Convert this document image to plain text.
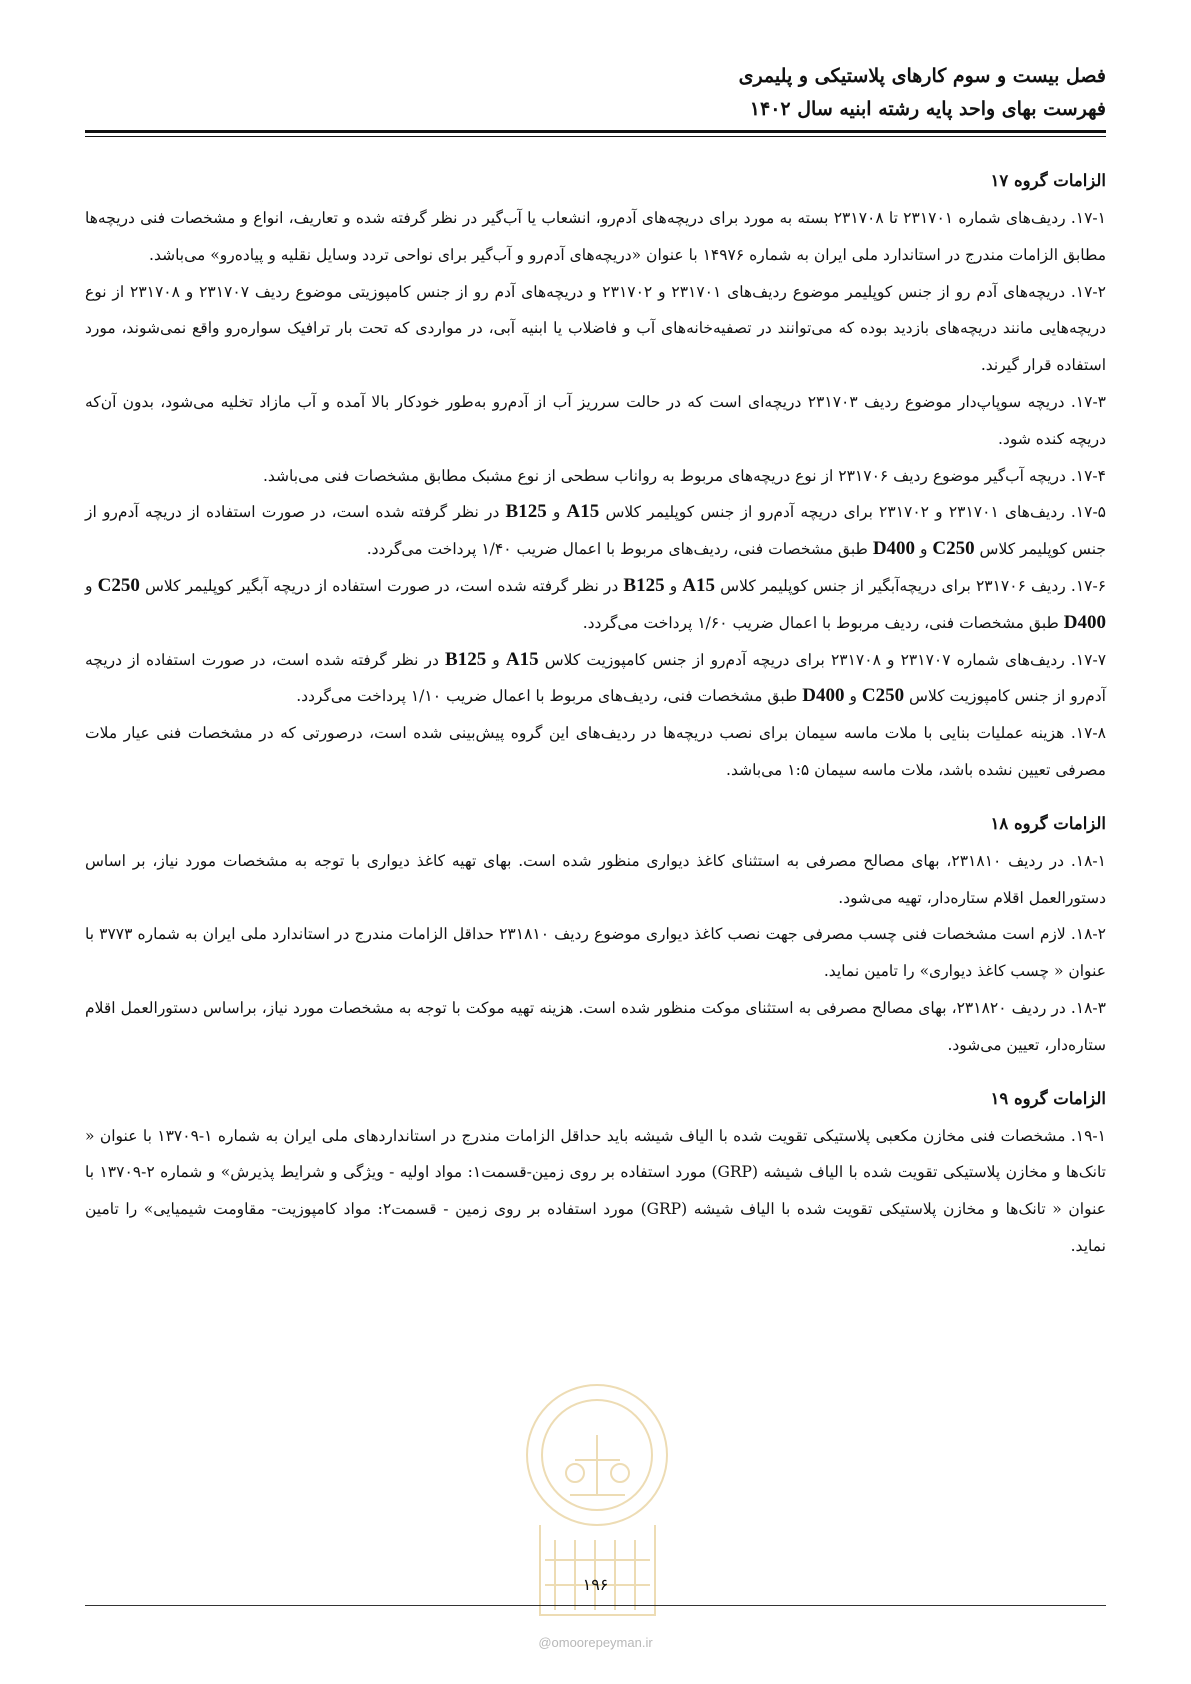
فصل بیست و سوم کارهای پلاستیکی و پلیمری
فهرست بهای واحد پایه رشته ابنیه سال ۱۴۰۲
الزامات گروه ۱۷

۱۷-۱. ردیف‌های شماره ۲۳۱۷۰۱ تا ۲۳۱۷۰۸ بسته به مورد برای دریچه‌های آدم‌رو، انشعاب یا آب‌گیر در نظر گرفته شده و تعاریف، انواع و مشخصات فنی دریچه‌ها مطابق الزامات مندرج در استاندارد ملی ایران به شماره ۱۴۹۷۶ با عنوان «دریچه‌های آدم‌رو و آب‌گیر برای نواحی تردد وسایل نقلیه و پیاده‌رو» می‌باشد.

۱۷-۲. دریچه‌های آدم رو از جنس کوپلیمر موضوع ردیف‌های ۲۳۱۷۰۱ و ۲۳۱۷۰۲ و دریچه‌های آدم رو از جنس کامپوزیتی موضوع ردیف ۲۳۱۷۰۷ و ۲۳۱۷۰۸ از نوع دریچه‌هایی مانند دریچه‌های بازدید بوده که می‌توانند در تصفیه‌خانه‌های آب و فاضلاب یا ابنیه آبی، در مواردی که تحت بار ترافیک سواره‌رو واقع نمی‌شوند، مورد استفاده قرار گیرند.

۱۷-۳. دریچه سوپاپ‌دار موضوع ردیف ۲۳۱۷۰۳ دریچه‌ای است که در حالت سرریز آب از آدم‌رو به‌طور خودکار بالا آمده و آب مازاد تخلیه می‌شود، بدون آن‌که دریچه کنده شود.

۱۷-۴. دریچه آب‌گیر موضوع ردیف ۲۳۱۷۰۶ از نوع دریچه‌های مربوط به رواناب سطحی از نوع مشبک مطابق مشخصات فنی می‌باشد.

۱۷-۵. ردیف‌های ۲۳۱۷۰۱ و ۲۳۱۷۰۲ برای دریچه آدم‌رو از جنس کوپلیمر کلاس A15 و B125 در نظر گرفته شده است، در صورت استفاده از دریچه آدم‌رو از جنس کوپلیمر کلاس C250 و D400 طبق مشخصات فنی، ردیف‌های مربوط با اعمال ضریب ۱/۴۰ پرداخت می‌گردد.

۱۷-۶. ردیف ۲۳۱۷۰۶ برای دریچه‌آبگیر از جنس کوپلیمر کلاس A15 و B125 در نظر گرفته شده است، در صورت استفاده از دریچه آبگیر کوپلیمر کلاس C250 و D400 طبق مشخصات فنی، ردیف مربوط با اعمال ضریب ۱/۶۰ پرداخت می‌گردد.

۱۷-۷. ردیف‌های شماره ۲۳۱۷۰۷ و ۲۳۱۷۰۸ برای دریچه آدم‌رو از جنس کامپوزیت کلاس A15 و B125 در نظر گرفته شده است، در صورت استفاده از دریچه آدم‌رو از جنس کامپوزیت کلاس C250 و D400 طبق مشخصات فنی، ردیف‌های مربوط با اعمال ضریب ۱/۱۰ پرداخت می‌گردد.

۱۷-۸. هزینه عملیات بنایی با ملات ماسه سیمان برای نصب دریچه‌ها در ردیف‌های این گروه پیش‌بینی شده است، درصورتی که در مشخصات فنی عیار ملات مصرفی تعیین نشده باشد، ملات ماسه سیمان ۱:۵ می‌باشد.

الزامات گروه ۱۸

۱۸-۱. در ردیف ۲۳۱۸۱۰، بهای مصالح مصرفی به استثنای کاغذ دیواری منظور شده است. بهای تهیه کاغذ دیواری با توجه به مشخصات مورد نیاز، بر اساس دستورالعمل اقلام ستاره‌دار، تهیه می‌شود.

۱۸-۲. لازم است مشخصات فنی چسب مصرفی جهت نصب کاغذ دیواری موضوع ردیف ۲۳۱۸۱۰ حداقل الزامات مندرج در استاندارد ملی ایران به شماره ۳۷۷۳ با عنوان « چسب کاغذ دیواری» را تامین نماید.

۱۸-۳. در ردیف ۲۳۱۸۲۰، بهای مصالح مصرفی به استثنای موکت منظور شده است. هزینه تهیه موکت با توجه به مشخصات مورد نیاز، براساس دستورالعمل اقلام ستاره‌دار، تعیین می‌شود.

الزامات گروه ۱۹

۱۹-۱. مشخصات فنی مخازن مکعبی پلاستیکی تقویت شده با الیاف شیشه باید حداقل الزامات مندرج در استانداردهای ملی ایران به شماره ۱-۱۳۷۰۹ با عنوان « تانک‌ها و مخازن پلاستیکی تقویت شده با الیاف شیشه (GRP) مورد استفاده بر روی زمین-قسمت۱: مواد اولیه - ویژگی و شرایط پذیرش» و شماره ۲-۱۳۷۰۹ با عنوان « تانک‌ها و مخازن پلاستیکی تقویت شده با الیاف شیشه (GRP) مورد استفاده بر روی زمین - قسمت۲: مواد کامپوزیت- مقاومت شیمیایی» را تامین نماید.

۱۹۶
@omoorepeyman.ir
